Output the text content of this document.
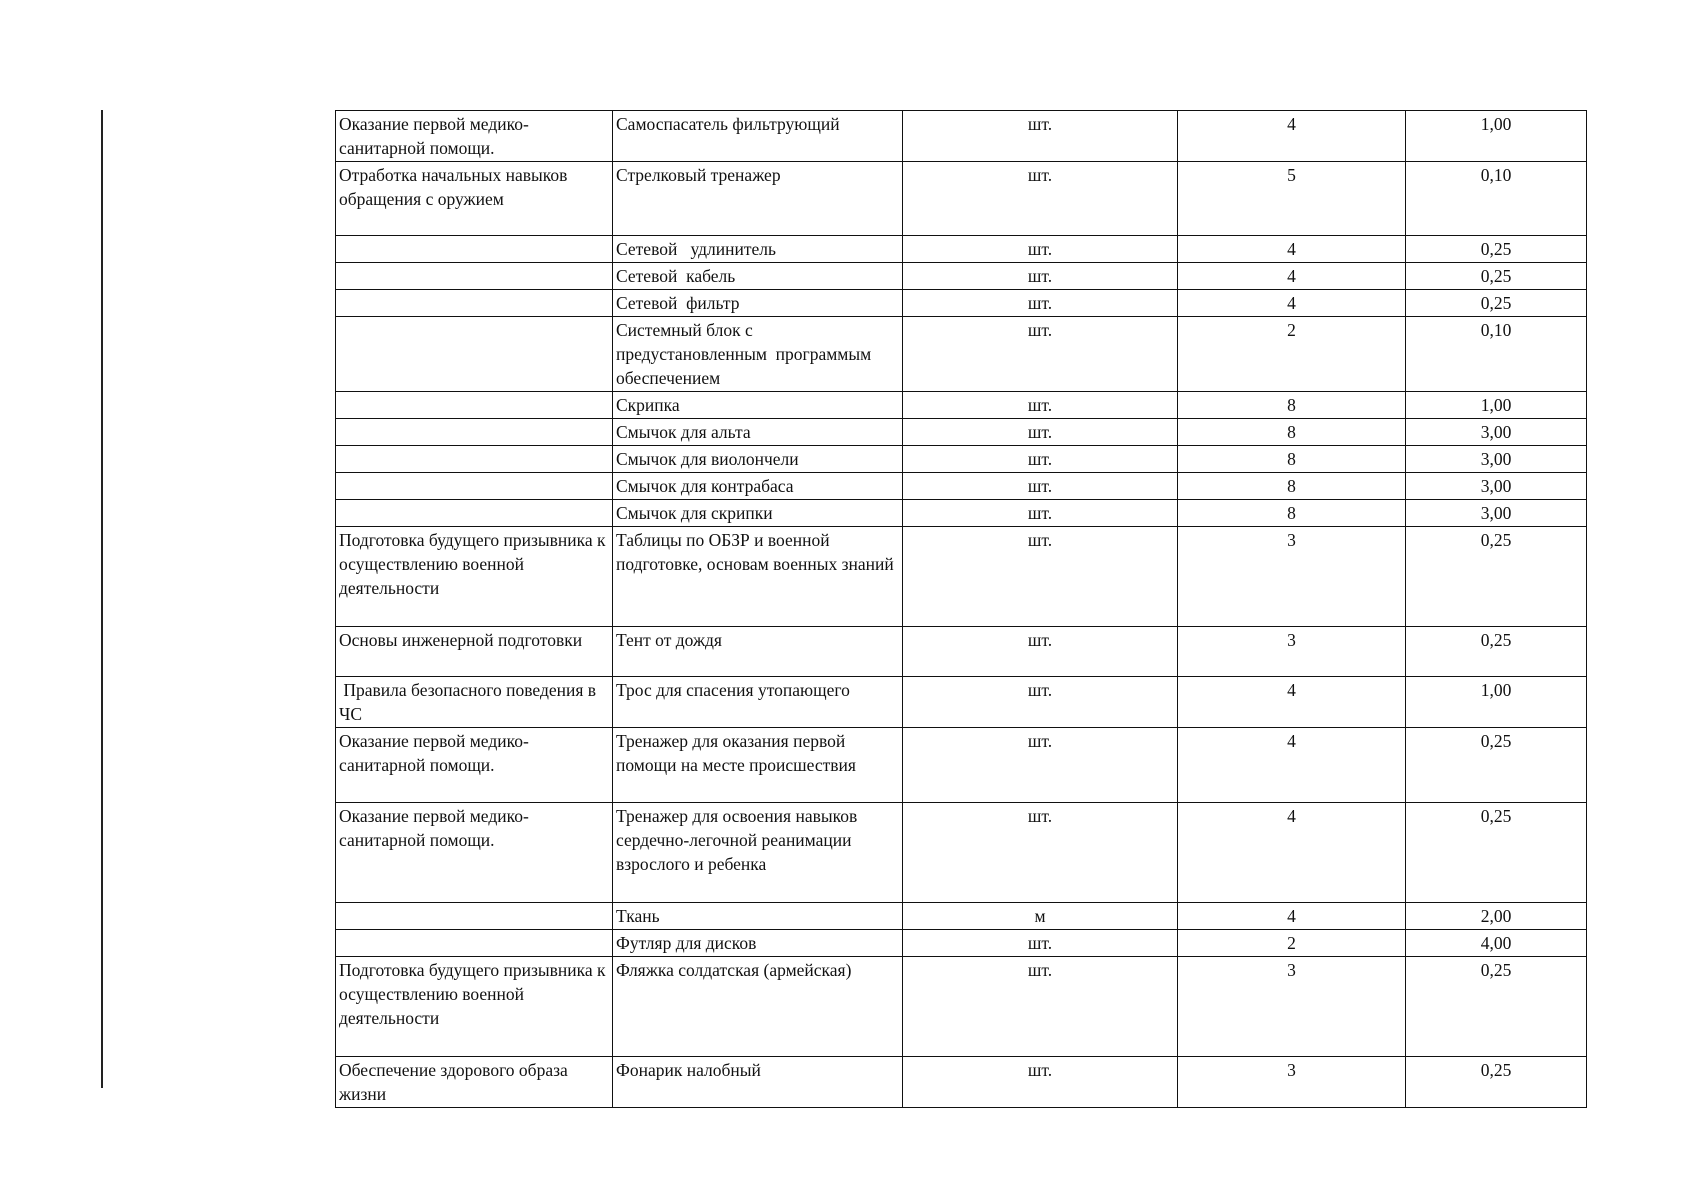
Оказание первой медико-санитарной помощи.	Самоспасатель фильтрующий	шт.	4	1,00
Отработка начальных навыков обращения с оружием	Стрелковый тренажер	шт.	5	0,10
	Сетевой   удлинитель	шт.	4	0,25
	Сетевой  кабель	шт.	4	0,25
	Сетевой  фильтр	шт.	4	0,25
	Системный блок с предустановленным  программым обеспечением	шт.	2	0,10
	Скрипка	шт.	8	1,00
	Смычок для альта	шт.	8	3,00
	Смычок для виолончели	шт.	8	3,00
	Смычок для контрабаса	шт.	8	3,00
	Смычок для скрипки	шт.	8	3,00
Подготовка будущего призывника к осуществлению военной деятельности	Таблицы по ОБЗР и военной подготовке, основам военных знаний	шт.	3	0,25
Основы инженерной подготовки	Тент от дождя	шт.	3	0,25
Правила безопасного поведения в ЧС	Трос для спасения утопающего	шт.	4	1,00
Оказание первой медико-санитарной помощи.	Тренажер для оказания первой помощи на месте происшествия	шт.	4	0,25
Оказание первой медико-санитарной помощи.	Тренажер для освоения навыков сердечно-легочной реанимации взрослого и ребенка	шт.	4	0,25
	Ткань	м	4	2,00
	Футляр для дисков	шт.	2	4,00
Подготовка будущего призывника к осуществлению военной деятельности	Фляжка солдатская (армейская)	шт.	3	0,25
Обеспечение здорового образа жизни	Фонарик налобный	шт.	3	0,25
